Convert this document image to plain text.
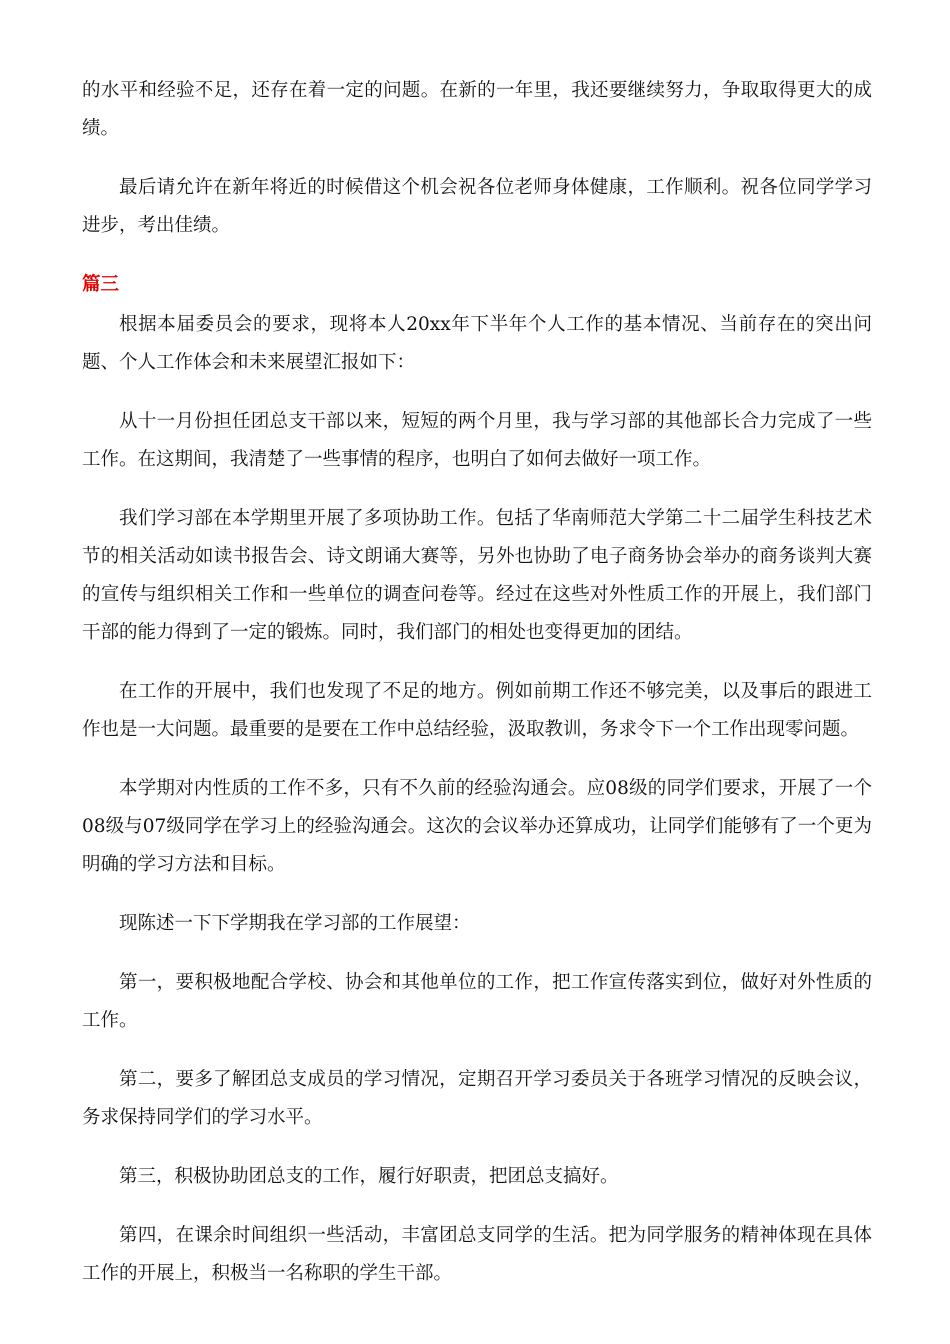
的水平和经验不足，还存在着一定的问题。在新的一年里，我还要继续努力，争取取得更大的成绩。

最后请允许在新年将近的时候借这个机会祝各位老师身体健康，工作顺利。祝各位同学学习进步，考出佳绩。

篇三

根据本届委员会的要求，现将本人20xx年下半年个人工作的基本情况、当前存在的突出问题、个人工作体会和未来展望汇报如下：

从十一月份担任团总支干部以来，短短的两个月里，我与学习部的其他部长合力完成了一些工作。在这期间，我清楚了一些事情的程序，也明白了如何去做好一项工作。

我们学习部在本学期里开展了多项协助工作。包括了华南师范大学第二十二届学生科技艺术节的相关活动如读书报告会、诗文朗诵大赛等，另外也协助了电子商务协会举办的商务谈判大赛的宣传与组织相关工作和一些单位的调查问卷等。经过在这些对外性质工作的开展上，我们部门干部的能力得到了一定的锻炼。同时，我们部门的相处也变得更加的团结。

在工作的开展中，我们也发现了不足的地方。例如前期工作还不够完美，以及事后的跟进工作也是一大问题。最重要的是要在工作中总结经验，汲取教训，务求令下一个工作出现零问题。

本学期对内性质的工作不多，只有不久前的经验沟通会。应08级的同学们要求，开展了一个08级与07级同学在学习上的经验沟通会。这次的会议举办还算成功，让同学们能够有了一个更为明确的学习方法和目标。

现陈述一下下学期我在学习部的工作展望：

第一，要积极地配合学校、协会和其他单位的工作，把工作宣传落实到位，做好对外性质的工作。

第二，要多了解团总支成员的学习情况，定期召开学习委员关于各班学习情况的反映会议，务求保持同学们的学习水平。

第三，积极协助团总支的工作，履行好职责，把团总支搞好。

第四，在课余时间组织一些活动，丰富团总支同学的生活。把为同学服务的精神体现在具体工作的开展上，积极当一名称职的学生干部。
